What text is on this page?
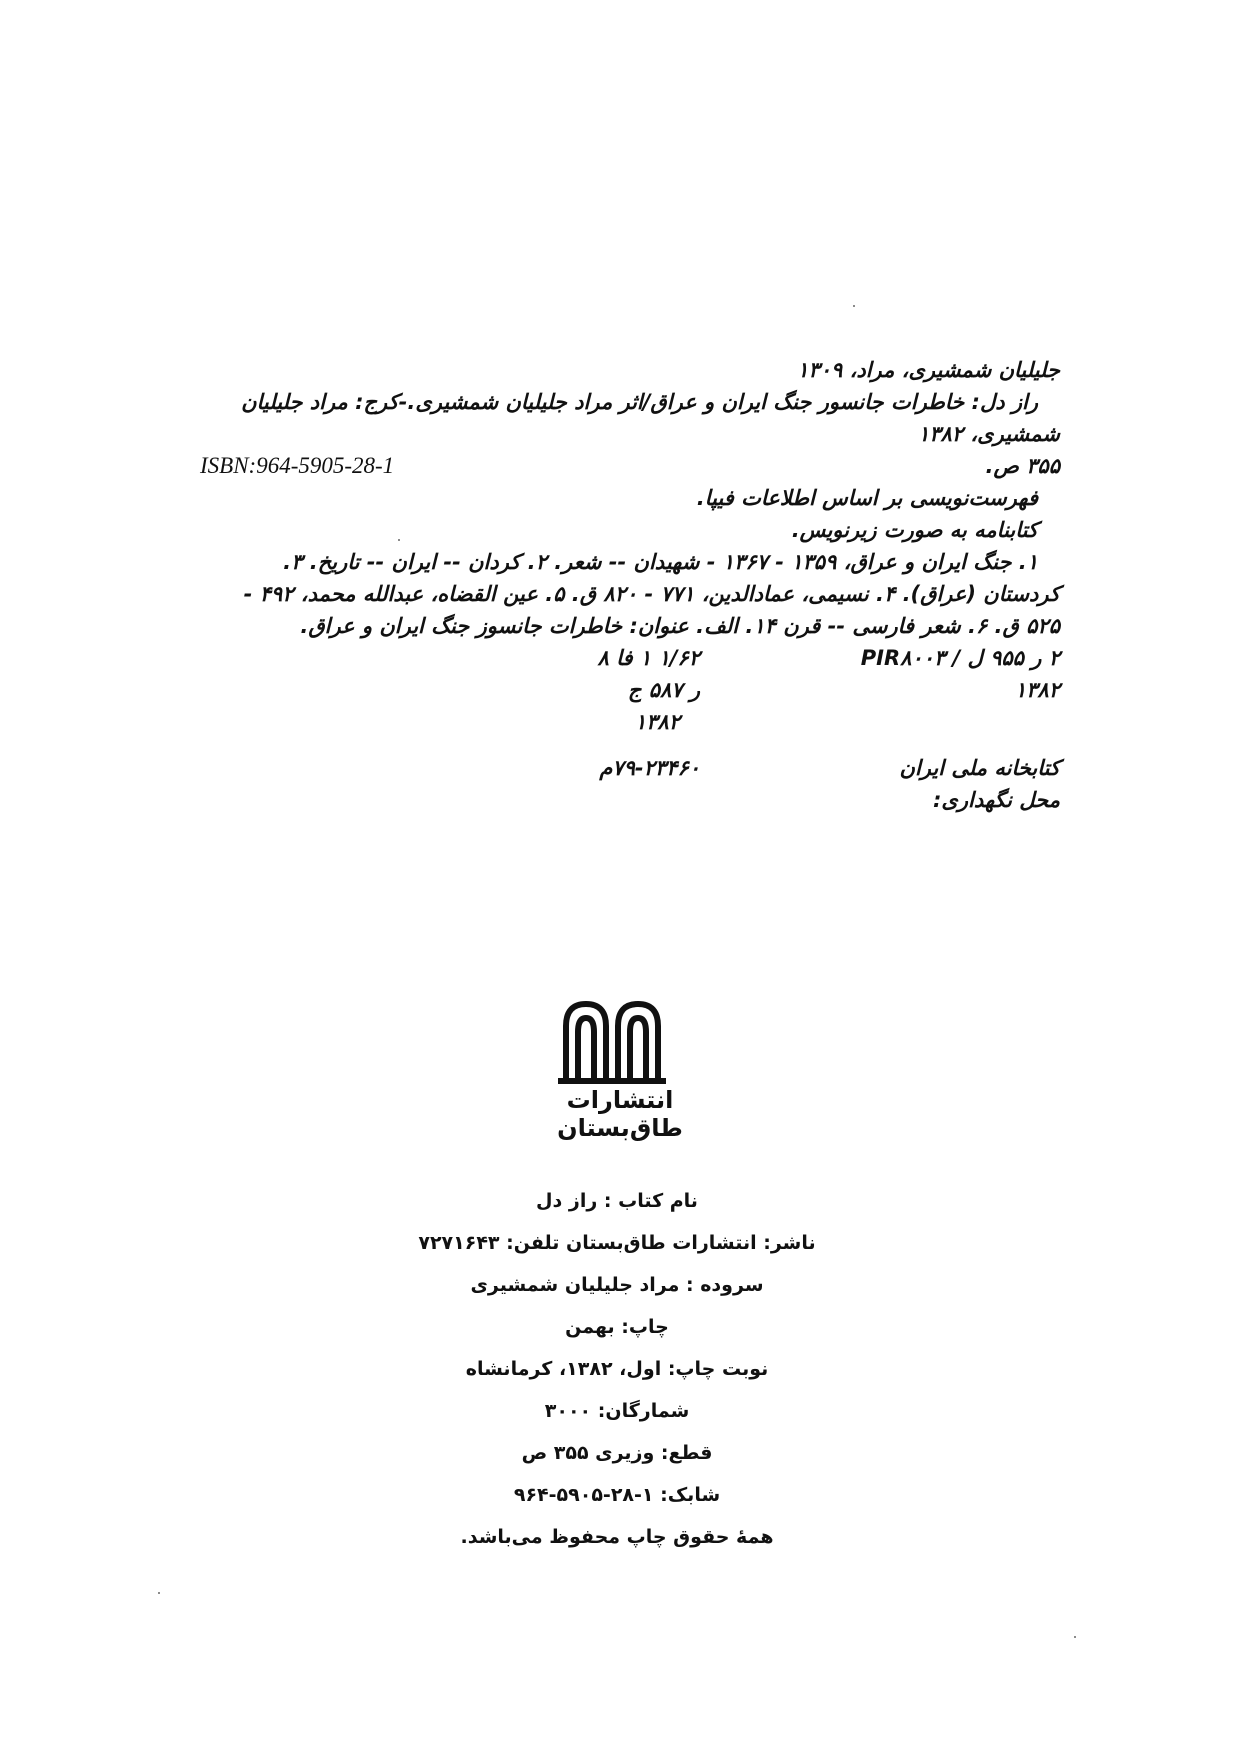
جلیلیان شمشیری، مراد، ۱۳۰۹
راز دل: خاطرات جانسور جنگ ایران و عراق/اثر مراد جلیلیان شمشیری.-کرج: مراد جلیلیان
شمشیری، ۱۳۸۲
۳۵۵ ص.
ISBN:964-5905-28-1
فهرست‌نویسی بر اساس اطلاعات فیپا.
کتابنامه به صورت زیرنویس.
۱. جنگ ایران و عراق، ۱۳۵۹ - ۱۳۶۷ - شهیدان -- شعر. ۲. کردان -- ایران -- تاریخ. ۳.
کردستان (عراق). ۴. نسیمی، عمادالدین، ۷۷۱ - ۸۲۰ ق. ۵. عین القضاه، عبدالله محمد، ۴۹۲ -
۵۲۵ ق. ۶. شعر فارسی -- قرن ۱۴. الف. عنوان: خاطرات جانسوز جنگ ایران و عراق.
۲ ر ۹۵۵ ل / PIR۸۰۰۳
۱/۶۲ ۱ فا ۸
۱۳۸۲
ر ۵۸۷ ج
۱۳۸۲
کتابخانه ملی ایران
۷۹-۲۳۴۶۰م
محل نگهداری:
انتشارات طاق‌بستان
نام کتاب : راز دل
ناشر: انتشارات طاق‌بستان تلفن: ۷۲۷۱۶۴۳
سروده : مراد جلیلیان شمشیری
چاپ: بهمن
نوبت چاپ: اول، ۱۳۸۲، کرمانشاه
شمارگان: ۳۰۰۰
قطع: وزیری ۳۵۵ ص
شابک: ۱-۲۸-۵۹۰۵-۹۶۴
همهٔ حقوق چاپ محفوظ می‌باشد.
